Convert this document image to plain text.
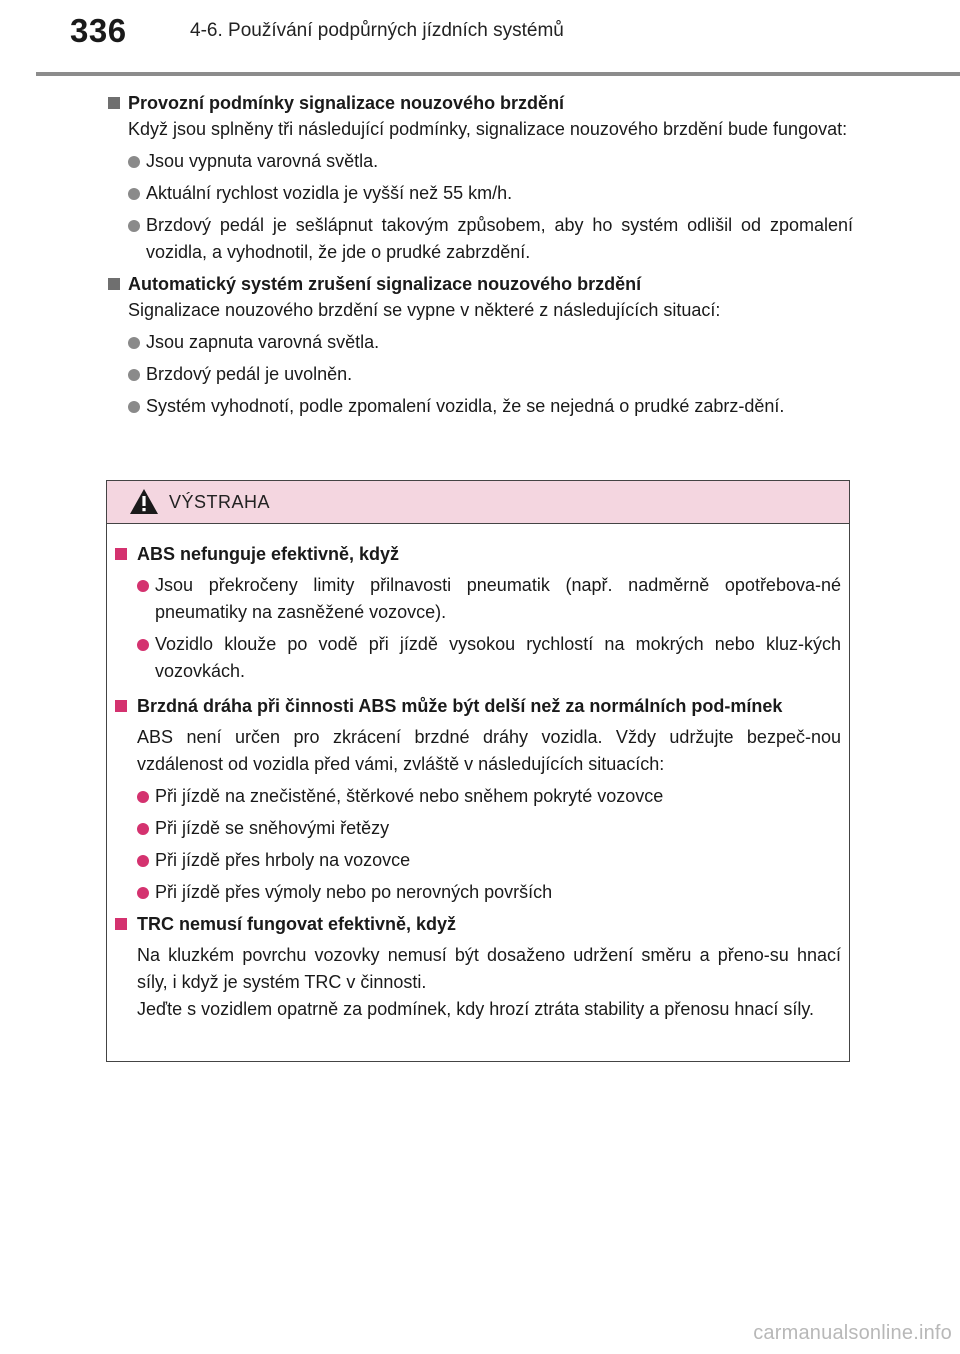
336	4-6. Používání podpůrných jízdních systémů
Provozní podmínky signalizace nouzového brzdění

Když jsou splněny tři následující podmínky, signalizace nouzového brzdění bude fungovat:

Jsou vypnuta varovná světla.
Aktuální rychlost vozidla je vyšší než 55 km/h.
Brzdový pedál je sešlápnut takovým způsobem, aby ho systém odlišil od zpomalení vozidla, a vyhodnotil, že jde o prudké zabrzdění.
Automatický systém zrušení signalizace nouzového brzdění

Signalizace nouzového brzdění se vypne v některé z následujících situací:

Jsou zapnuta varovná světla.
Brzdový pedál je uvolněn.
Systém vyhodnotí, podle zpomalení vozidla, že se nejedná o prudké zabrz-dění.
VÝSTRAHA
ABS nefunguje efektivně, když
Jsou překročeny limity přilnavosti pneumatik (např. nadměrně opotřebova-né pneumatiky na zasněžené vozovce).
Vozidlo klouže po vodě při jízdě vysokou rychlostí na mokrých nebo kluz-kých vozovkách.
Brzdná dráha při činnosti ABS může být delší než za normálních pod-mínek

ABS není určen pro zkrácení brzdné dráhy vozidla. Vždy udržujte bezpeč-nou vzdálenost od vozidla před vámi, zvláště v následujících situacích:

Při jízdě na znečistěné, štěrkové nebo sněhem pokryté vozovce
Při jízdě se sněhovými řetězy
Při jízdě přes hrboly na vozovce
Při jízdě přes výmoly nebo po nerovných površích
TRC nemusí fungovat efektivně, když

Na kluzkém povrchu vozovky nemusí být dosaženo udržení směru a přeno-su hnací síly, i když je systém TRC v činnosti.

Jeďte s vozidlem opatrně za podmínek, kdy hrozí ztráta stability a přenosu hnací síly.

carmanualsonline.info
